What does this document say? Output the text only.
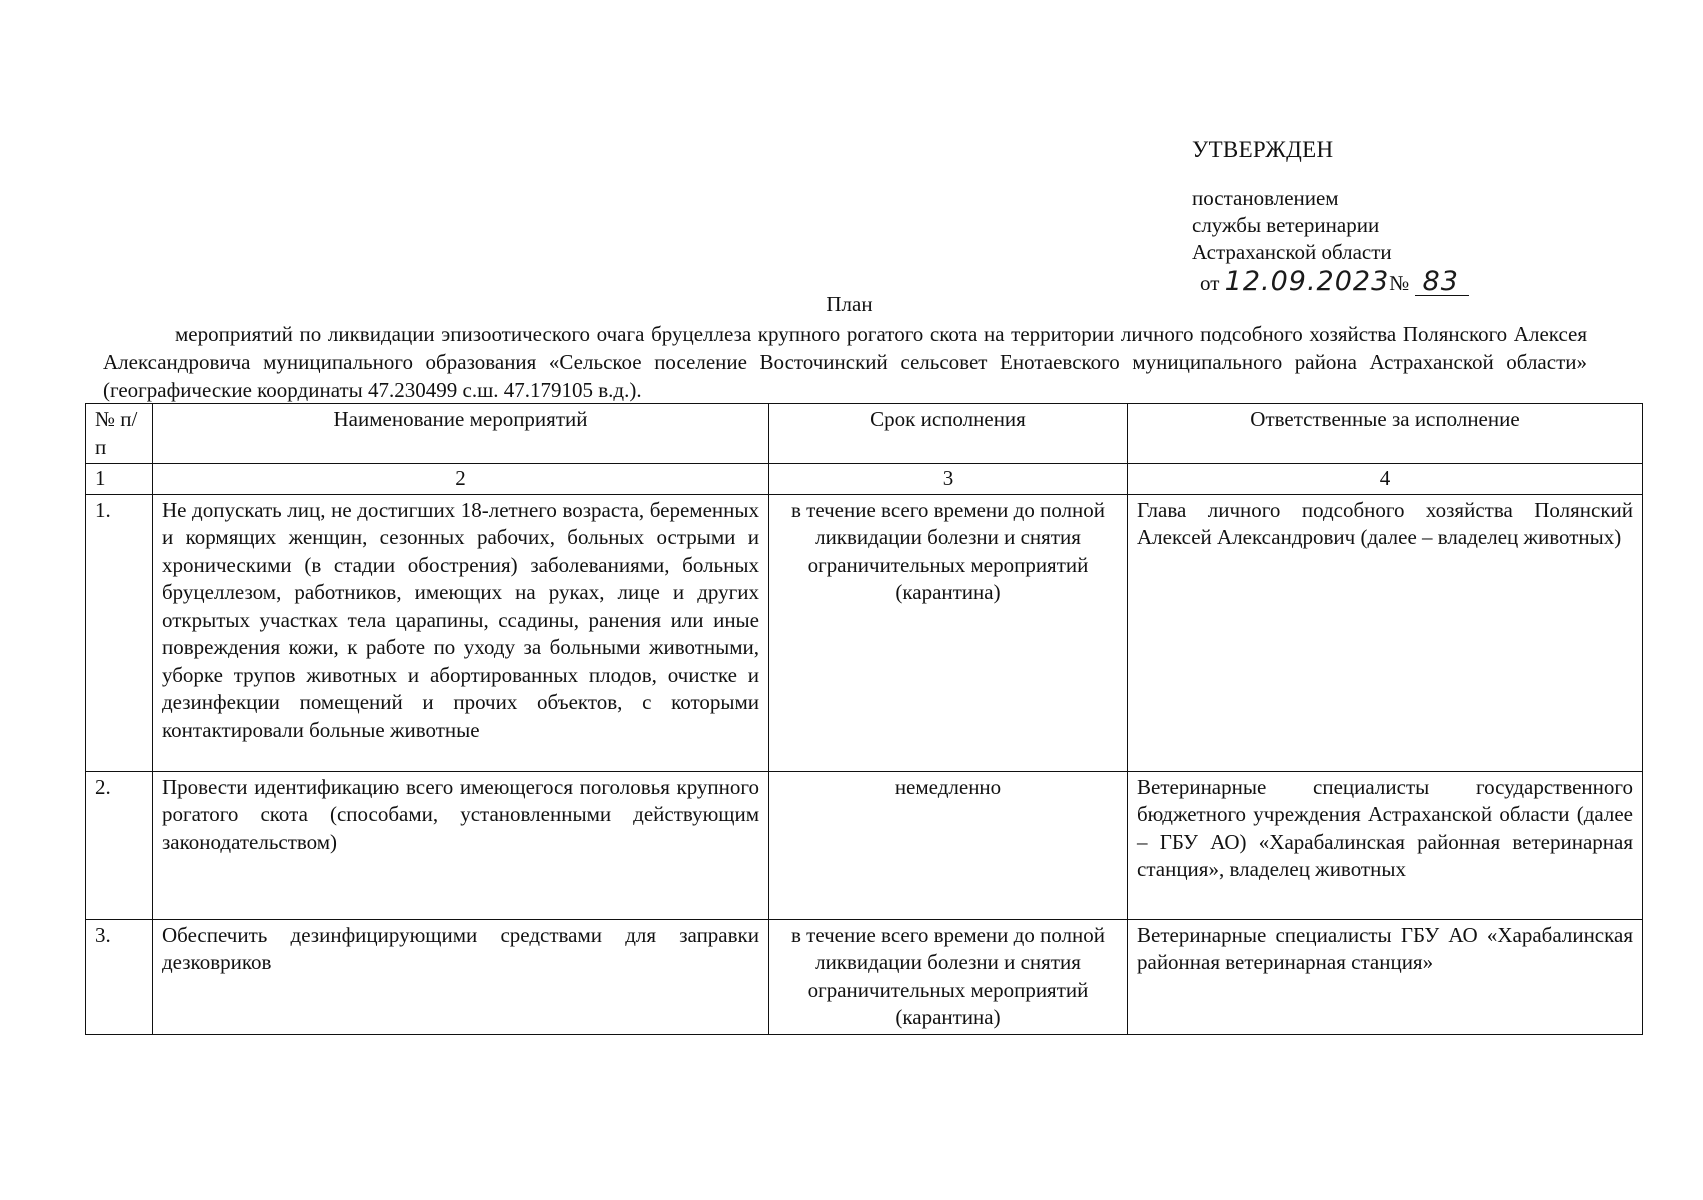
УТВЕРЖДЕН
постановлением
службы ветеринарии
Астраханской области
от 12.09.2023№ 83
План
мероприятий по ликвидации эпизоотического очага бруцеллеза крупного рогатого скота на территории личного подсобного хозяйства Полянского Алексея Александровича муниципального образования «Сельское поселение Восточинский сельсовет Енотаевского муниципального района Астраханской области» (географические координаты 47.230499 с.ш. 47.179105 в.д.).
№ п/п	Наименование мероприятий	Срок исполнения	Ответственные за исполнение
1	2	3	4
1.	Не допускать лиц, не достигших 18-летнего возраста, беременных и кормящих женщин, сезонных рабочих, больных острыми и хроническими (в стадии обострения) заболеваниями, больных бруцеллезом, работников, имеющих на руках, лице и других открытых участках тела царапины, ссадины, ранения или иные повреждения кожи, к работе по уходу за больными животными, уборке трупов животных и абортированных плодов, очистке и дезинфекции помещений и прочих объектов, с которыми контактировали больные животные	в течение всего времени до полной ликвидации болезни и снятия ограничительных мероприятий (карантина)	Глава личного подсобного хозяйства Полянский Алексей Александрович (далее – владелец животных)
2.	Провести идентификацию всего имеющегося поголовья крупного рогатого скота (способами, установленными действующим законодательством)	немедленно	Ветеринарные специалисты государственного бюджетного учреждения Астраханской области (далее – ГБУ АО) «Харабалинская районная ветеринарная станция», владелец животных
3.	Обеспечить дезинфицирующими средствами для заправки дезковриков	в течение всего времени до полной ликвидации болезни и снятия ограничительных мероприятий (карантина)	Ветеринарные специалисты ГБУ АО «Харабалинская районная ветеринарная станция»
